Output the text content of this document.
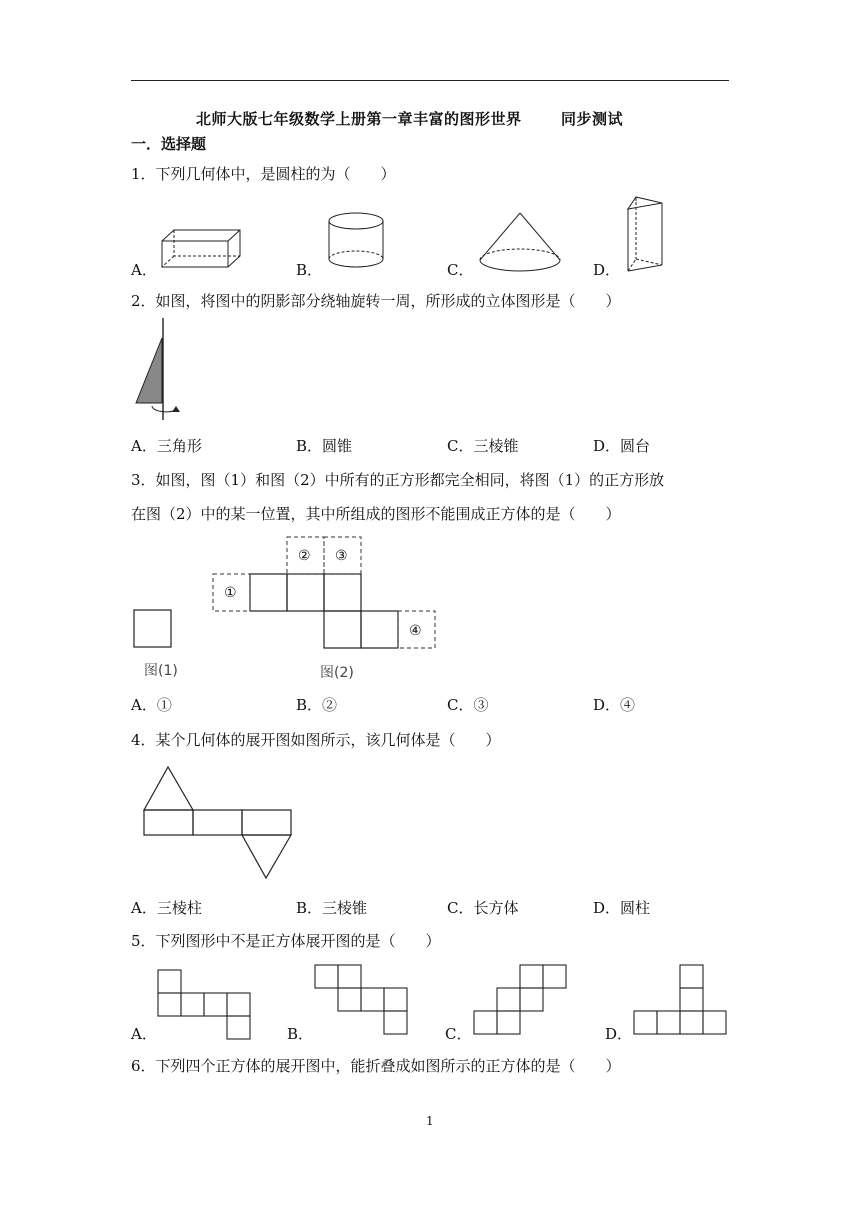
北师大版七年级数学上册第一章丰富的图形世界	同步测试
一．选择题
1．下列几何体中，是圆柱的为（　　）
A．	B．	C．	D．
2．如图，将图中的阴影部分绕轴旋转一周，所形成的立体图形是（　　）
A．三角形	B．圆锥	C．三棱锥	D．圆台
3．如图，图（1）和图（2）中所有的正方形都完全相同，将图（1）的正方形放
在图（2）中的某一位置，其中所组成的图形不能围成正方体的是（　　）
图(1)
①
② ③
④
图(2)
A．①	B．②	C．③	D．④
4．某个几何体的展开图如图所示，该几何体是（　　）
A．三棱柱	B．三棱锥	C．长方体	D．圆柱
5．下列图形中不是正方体展开图的是（　　）
A．	B．	C．	D．
6．下列四个正方体的展开图中，能折叠成如图所示的正方体的是（　　）
1
